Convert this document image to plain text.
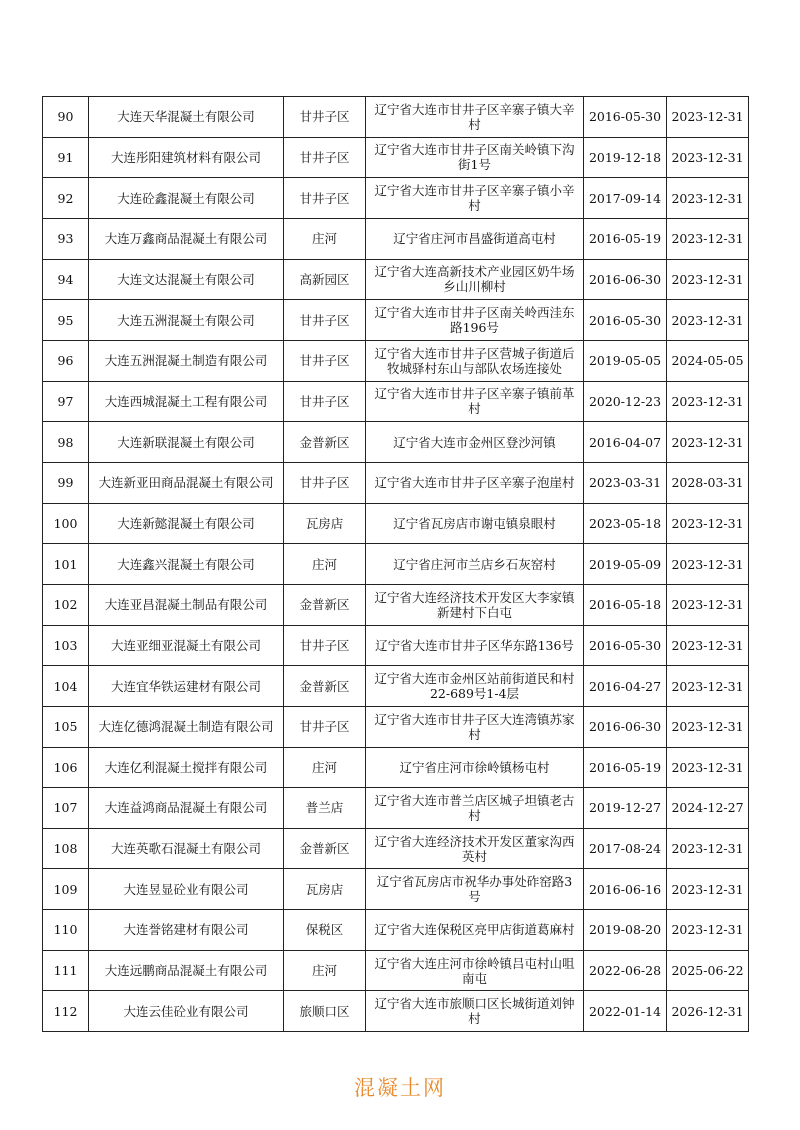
90	大连天华混凝土有限公司	甘井子区	辽宁省大连市甘井子区辛寨子镇大辛村	2016-05-30	2023-12-31
91	大连彤阳建筑材料有限公司	甘井子区	辽宁省大连市甘井子区南关岭镇下沟街1号	2019-12-18	2023-12-31
92	大连砼鑫混凝土有限公司	甘井子区	辽宁省大连市甘井子区辛寨子镇小辛村	2017-09-14	2023-12-31
93	大连万鑫商品混凝土有限公司	庄河	辽宁省庄河市昌盛街道高屯村	2016-05-19	2023-12-31
94	大连文达混凝土有限公司	高新园区	辽宁省大连高新技术产业园区奶牛场乡山川柳村	2016-06-30	2023-12-31
95	大连五洲混凝土有限公司	甘井子区	辽宁省大连市甘井子区南关岭西洼东路196号	2016-05-30	2023-12-31
96	大连五洲混凝土制造有限公司	甘井子区	辽宁省大连市甘井子区营城子街道后牧城驿村东山与部队农场连接处	2019-05-05	2024-05-05
97	大连西城混凝土工程有限公司	甘井子区	辽宁省大连市甘井子区辛寨子镇前革村	2020-12-23	2023-12-31
98	大连新联混凝土有限公司	金普新区	辽宁省大连市金州区登沙河镇	2016-04-07	2023-12-31
99	大连新亚田商品混凝土有限公司	甘井子区	辽宁省大连市甘井子区辛寨子泡崖村	2023-03-31	2028-03-31
100	大连新懿混凝土有限公司	瓦房店	辽宁省瓦房店市谢屯镇泉眼村	2023-05-18	2023-12-31
101	大连鑫兴混凝土有限公司	庄河	辽宁省庄河市兰店乡石灰窑村	2019-05-09	2023-12-31
102	大连亚昌混凝土制品有限公司	金普新区	辽宁省大连经济技术开发区大李家镇新建村下白屯	2016-05-18	2023-12-31
103	大连亚细亚混凝土有限公司	甘井子区	辽宁省大连市甘井子区华东路136号	2016-05-30	2023-12-31
104	大连宜华铁运建材有限公司	金普新区	辽宁省大连市金州区站前街道民和村22-689号1-4层	2016-04-27	2023-12-31
105	大连亿德鸿混凝土制造有限公司	甘井子区	辽宁省大连市甘井子区大连湾镇苏家村	2016-06-30	2023-12-31
106	大连亿利混凝土搅拌有限公司	庄河	辽宁省庄河市徐岭镇杨屯村	2016-05-19	2023-12-31
107	大连益鸿商品混凝土有限公司	普兰店	辽宁省大连市普兰店区城子坦镇老古村	2019-12-27	2024-12-27
108	大连英歌石混凝土有限公司	金普新区	辽宁省大连经济技术开发区董家沟西英村	2017-08-24	2023-12-31
109	大连昱显砼业有限公司	瓦房店	辽宁省瓦房店市祝华办事处砟窑路3号	2016-06-16	2023-12-31
110	大连誉铭建材有限公司	保税区	辽宁省大连保税区亮甲店街道葛麻村	2019-08-20	2023-12-31
111	大连远鹏商品混凝土有限公司	庄河	辽宁省大连庄河市徐岭镇吕屯村山咀南屯	2022-06-28	2025-06-22
112	大连云佳砼业有限公司	旅顺口区	辽宁省大连市旅顺口区长城街道刘钟村	2022-01-14	2026-12-31
混凝土网
